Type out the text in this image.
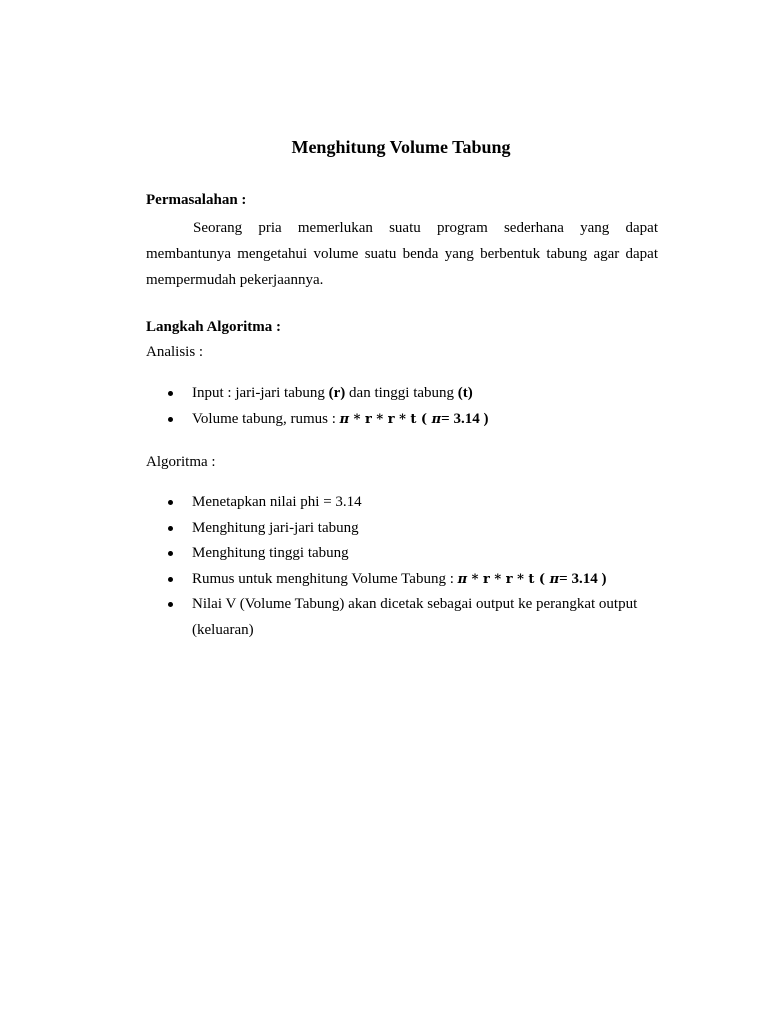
Menghitung Volume Tabung
Permasalahan :
Seorang pria memerlukan suatu program sederhana yang dapat
membantunya mengetahui volume suatu benda yang berbentuk tabung agar dapat
mempermudah pekerjaannya.
Langkah Algoritma :
Analisis :
Input : jari-jari tabung (r) dan tinggi tabung (t)
Volume tabung, rumus : π * r * r * t ( π= 3.14 )
Algoritma :
Menetapkan nilai phi = 3.14
Menghitung jari-jari tabung
Menghitung tinggi tabung
Rumus untuk menghitung Volume Tabung : π * r * r * t ( π= 3.14 )
Nilai V (Volume Tabung) akan dicetak sebagai output ke perangkat output
(keluaran)
